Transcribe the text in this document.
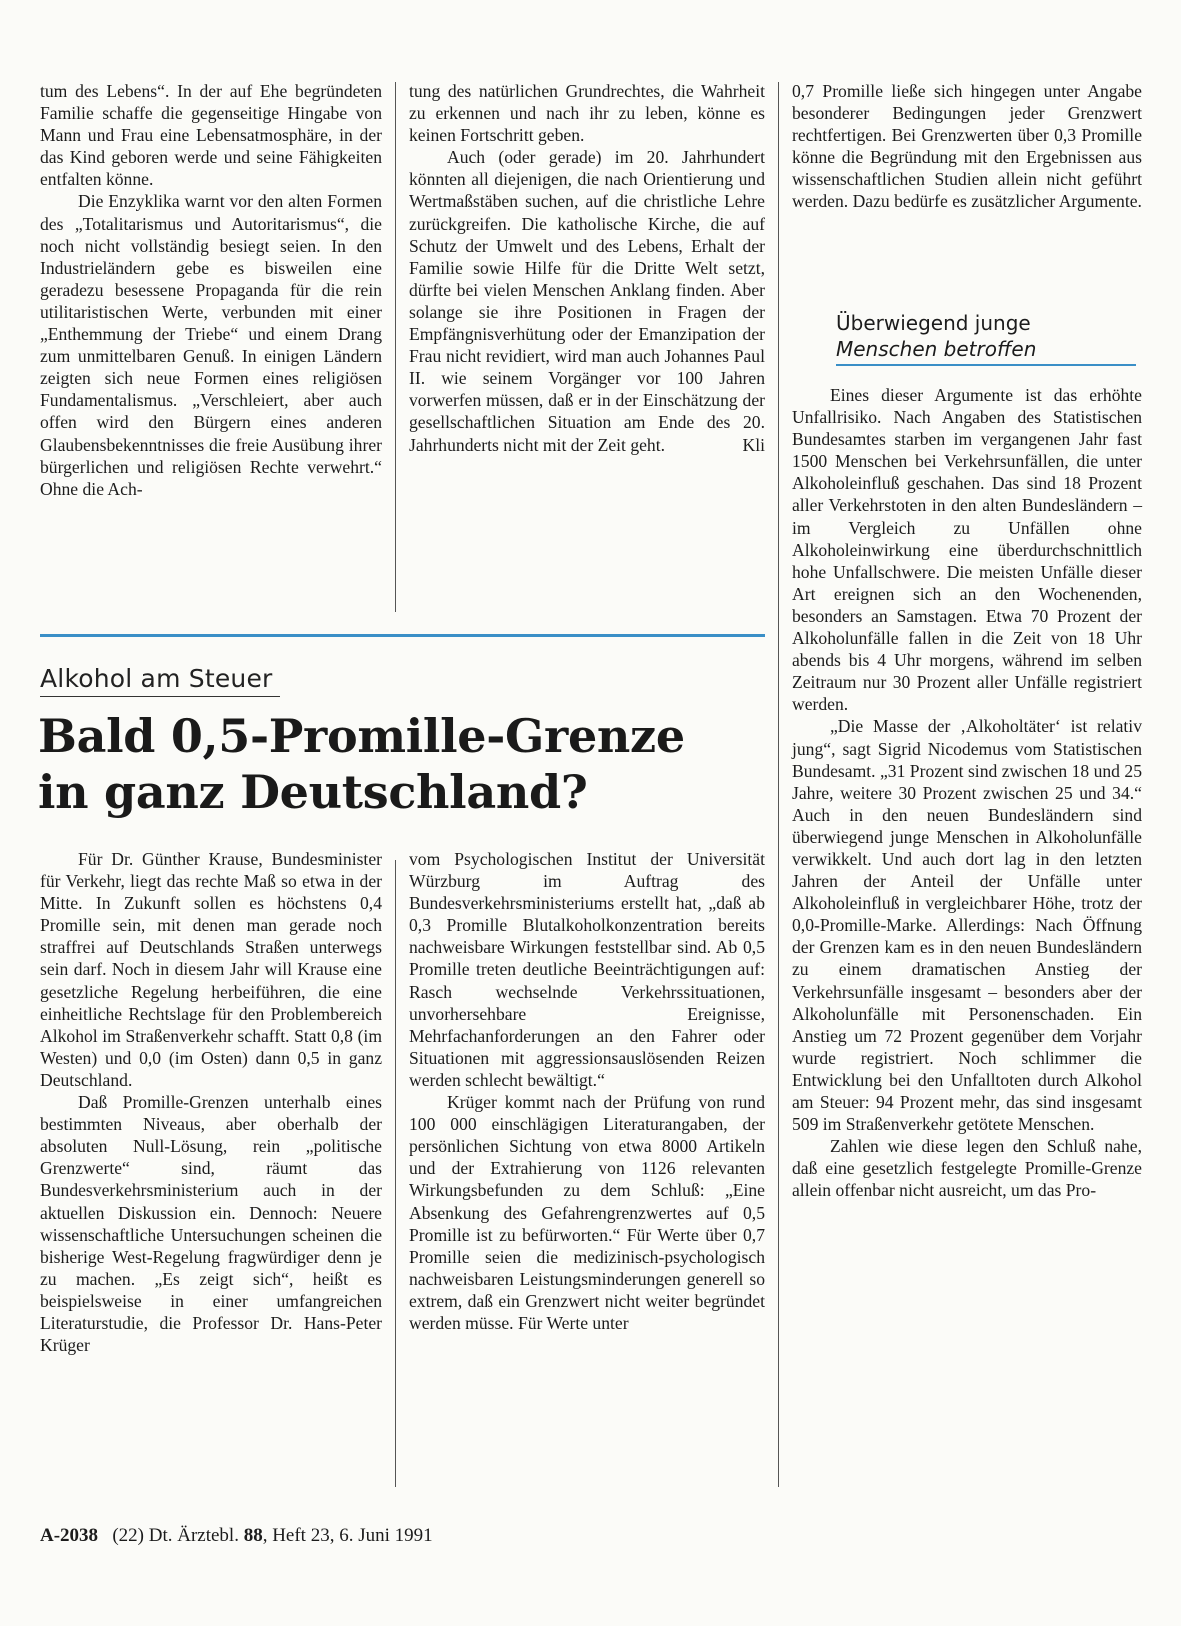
tum des Lebens“. In der auf Ehe begründeten Familie schaffe die gegenseitige Hingabe von Mann und Frau eine Lebensatmosphäre, in der das Kind geboren werde und seine Fähigkeiten entfalten könne.

Die Enzyklika warnt vor den alten Formen des „Totalitarismus und Autoritarismus“, die noch nicht vollständig besiegt seien. In den Industrieländern gebe es bisweilen eine geradezu besessene Propaganda für die rein utilitaristischen Werte, verbunden mit einer „Enthemmung der Triebe“ und einem Drang zum unmittelbaren Genuß. In einigen Ländern zeigten sich neue Formen eines religiösen Fundamentalismus. „Verschleiert, aber auch offen wird den Bürgern eines anderen Glaubensbekenntnisses die freie Ausübung ihrer bürgerlichen und religiösen Rechte verwehrt.“ Ohne die Ach-

tung des natürlichen Grundrechtes, die Wahrheit zu erkennen und nach ihr zu leben, könne es keinen Fortschritt geben.

Auch (oder gerade) im 20. Jahrhundert könnten all diejenigen, die nach Orientierung und Wertmaßstäben suchen, auf die christliche Lehre zurückgreifen. Die katholische Kirche, die auf Schutz der Umwelt und des Lebens, Erhalt der Familie sowie Hilfe für die Dritte Welt setzt, dürfte bei vielen Menschen Anklang finden. Aber solange sie ihre Positionen in Fragen der Empfängnisverhütung oder der Emanzipation der Frau nicht revidiert, wird man auch Johannes Paul II. wie seinem Vorgänger vor 100 Jahren vorwerfen müssen, daß er in der Einschätzung der gesellschaftlichen Situation am Ende des 20. Jahrhunderts nicht mit der Zeit geht.	Kli

0,7 Promille ließe sich hingegen unter Angabe besonderer Bedingungen jeder Grenzwert rechtfertigen. Bei Grenzwerten über 0,3 Promille könne die Begründung mit den Ergebnissen aus wissenschaftlichen Studien allein nicht geführt werden. Dazu bedürfe es zusätzlicher Argumente.

Überwiegend junge
Menschen betroffen

Eines dieser Argumente ist das erhöhte Unfallrisiko. Nach Angaben des Statistischen Bundesamtes starben im vergangenen Jahr fast 1500 Menschen bei Verkehrsunfällen, die unter Alkoholeinfluß geschahen. Das sind 18 Prozent aller Verkehrstoten in den alten Bundesländern – im Vergleich zu Unfällen ohne Alkoholeinwirkung eine überdurchschnittlich hohe Unfallschwere. Die meisten Unfälle dieser Art ereignen sich an den Wochenenden, besonders an Samstagen. Etwa 70 Prozent der Alkoholunfälle fallen in die Zeit von 18 Uhr abends bis 4 Uhr morgens, während im selben Zeitraum nur 30 Prozent aller Unfälle registriert werden.

„Die Masse der ‚Alkoholtäter‘ ist relativ jung“, sagt Sigrid Nicodemus vom Statistischen Bundesamt. „31 Prozent sind zwischen 18 und 25 Jahre, weitere 30 Prozent zwischen 25 und 34.“ Auch in den neuen Bundesländern sind überwiegend junge Menschen in Alkoholunfälle verwikkelt. Und auch dort lag in den letzten Jahren der Anteil der Unfälle unter Alkoholeinfluß in vergleichbarer Höhe, trotz der 0,0-Promille-Marke. Allerdings: Nach Öffnung der Grenzen kam es in den neuen Bundesländern zu einem dramatischen Anstieg der Verkehrsunfälle insgesamt – besonders aber der Alkoholunfälle mit Personenschaden. Ein Anstieg um 72 Prozent gegenüber dem Vorjahr wurde registriert. Noch schlimmer die Entwicklung bei den Unfalltoten durch Alkohol am Steuer: 94 Prozent mehr, das sind insgesamt 509 im Straßenverkehr getötete Menschen.

Zahlen wie diese legen den Schluß nahe, daß eine gesetzlich festgelegte Promille-Grenze allein offenbar nicht ausreicht, um das Pro-

Alkohol am Steuer
Bald 0,5-Promille-Grenze
in ganz Deutschland?

Für Dr. Günther Krause, Bundesminister für Verkehr, liegt das rechte Maß so etwa in der Mitte. In Zukunft sollen es höchstens 0,4 Promille sein, mit denen man gerade noch straffrei auf Deutschlands Straßen unterwegs sein darf. Noch in diesem Jahr will Krause eine gesetzliche Regelung herbeiführen, die eine einheitliche Rechtslage für den Problembereich Alkohol im Straßenverkehr schafft. Statt 0,8 (im Westen) und 0,0 (im Osten) dann 0,5 in ganz Deutschland.

Daß Promille-Grenzen unterhalb eines bestimmten Niveaus, aber oberhalb der absoluten Null-Lösung, rein „politische Grenzwerte“ sind, räumt das Bundesverkehrsministerium auch in der aktuellen Diskussion ein. Dennoch: Neuere wissenschaftliche Untersuchungen scheinen die bisherige West-Regelung fragwürdiger denn je zu machen. „Es zeigt sich“, heißt es beispielsweise in einer umfangreichen Literaturstudie, die Professor Dr. Hans-Peter Krüger

vom Psychologischen Institut der Universität Würzburg im Auftrag des Bundesverkehrsministeriums erstellt hat, „daß ab 0,3 Promille Blutalkoholkonzentration bereits nachweisbare Wirkungen feststellbar sind. Ab 0,5 Promille treten deutliche Beeinträchtigungen auf: Rasch wechselnde Verkehrssituationen, unvorhersehbare Ereignisse, Mehrfachanforderungen an den Fahrer oder Situationen mit aggressionsauslösenden Reizen werden schlecht bewältigt.“

Krüger kommt nach der Prüfung von rund 100 000 einschlägigen Literaturangaben, der persönlichen Sichtung von etwa 8000 Artikeln und der Extrahierung von 1126 relevanten Wirkungsbefunden zu dem Schluß: „Eine Absenkung des Gefahrengrenzwertes auf 0,5 Promille ist zu befürworten.“ Für Werte über 0,7 Promille seien die medizinisch-psychologisch nachweisbaren Leistungsminderungen generell so extrem, daß ein Grenzwert nicht weiter begründet werden müsse. Für Werte unter

A-2038 (22) Dt. Ärztebl. 88, Heft 23, 6. Juni 1991
